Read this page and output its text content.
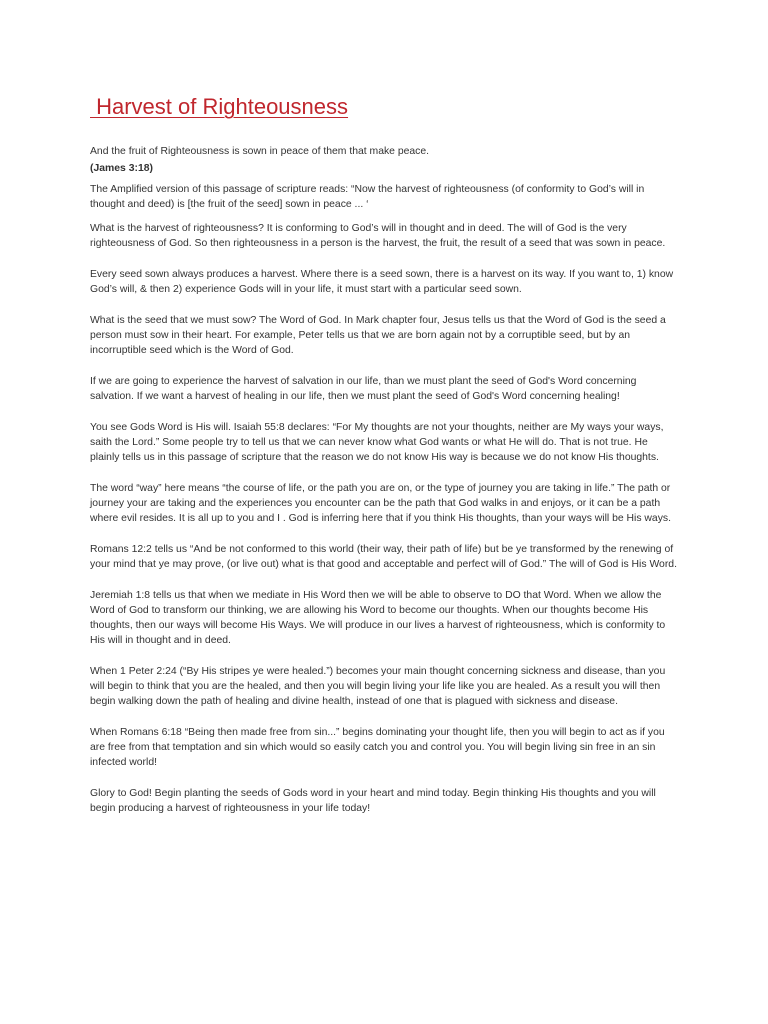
Harvest of Righteousness

And the fruit of Righteousness is sown in peace of them that make peace.

(James 3:18)

The Amplified version of this passage of scripture reads: “Now the harvest of righteousness (of conformity to God’s will in thought and deed) is [the fruit of the seed] sown in peace ... ‘

What is the harvest of righteousness? It is conforming to God’s will in thought and in deed. The will of God is the very righteousness of God. So then righteousness in a person is the harvest, the fruit, the result of a seed that was sown in peace.

Every seed sown always produces a harvest. Where there is a seed sown, there is a harvest on its way. If you want to, 1) know God’s will, & then 2) experience Gods will in your life, it must start with a particular seed sown.

What is the seed that we must sow? The Word of God. In Mark chapter four, Jesus tells us that the Word of God is the seed a person must sow in their heart. For example, Peter tells us that we are born again not by a corruptible seed, but by an incorruptible seed which is the Word of God.

If we are going to experience the harvest of salvation in our life, than we must plant the seed of God's Word concerning salvation. If we want a harvest of healing in our life, then we must plant the seed of God's Word concerning healing!

You see Gods Word is His will. Isaiah 55:8 declares: “For My thoughts are not your thoughts, neither are My ways your ways, saith the Lord.” Some people try to tell us that we can never know what God wants or what He will do. That is not true. He plainly tells us in this passage of scripture that the reason we do not know His way is because we do not know His thoughts.

The word “way” here means “the course of life, or the path you are on, or the type of journey you are taking in life.” The path or journey your are taking and the experiences you encounter can be the path that God walks in and enjoys, or it can be a path where evil resides. It is all up to you and I . God is inferring here that if you think His thoughts, than your ways will be His ways.

Romans 12:2 tells us “And be not conformed to this world (their way, their path of life) but be ye transformed by the renewing of your mind that ye may prove, (or live out) what is that good and acceptable and perfect will of God.” The will of God is His Word.

Jeremiah 1:8 tells us that when we mediate in His Word then we will be able to observe to DO that Word. When we allow the Word of God to transform our thinking, we are allowing his Word to become our thoughts. When our thoughts become His thoughts, then our ways will become His Ways. We will produce in our lives a harvest of righteousness, which is conformity to His will in thought and in deed.

When 1 Peter 2:24 (“By His stripes ye were healed.”) becomes your main thought concerning sickness and disease, than you will begin to think that you are the healed, and then you will begin living your life like you are healed. As a result you will then begin walking down the path of healing and divine health, instead of one that is plagued with sickness and disease.

When Romans 6:18 “Being then made free from sin...” begins dominating your thought life, then you will begin to act as if you are free from that temptation and sin which would so easily catch you and control you. You will begin living sin free in an sin infected world!

Glory to God! Begin planting the seeds of Gods word in your heart and mind today. Begin thinking His thoughts and you will begin producing a harvest of righteousness in your life today!
